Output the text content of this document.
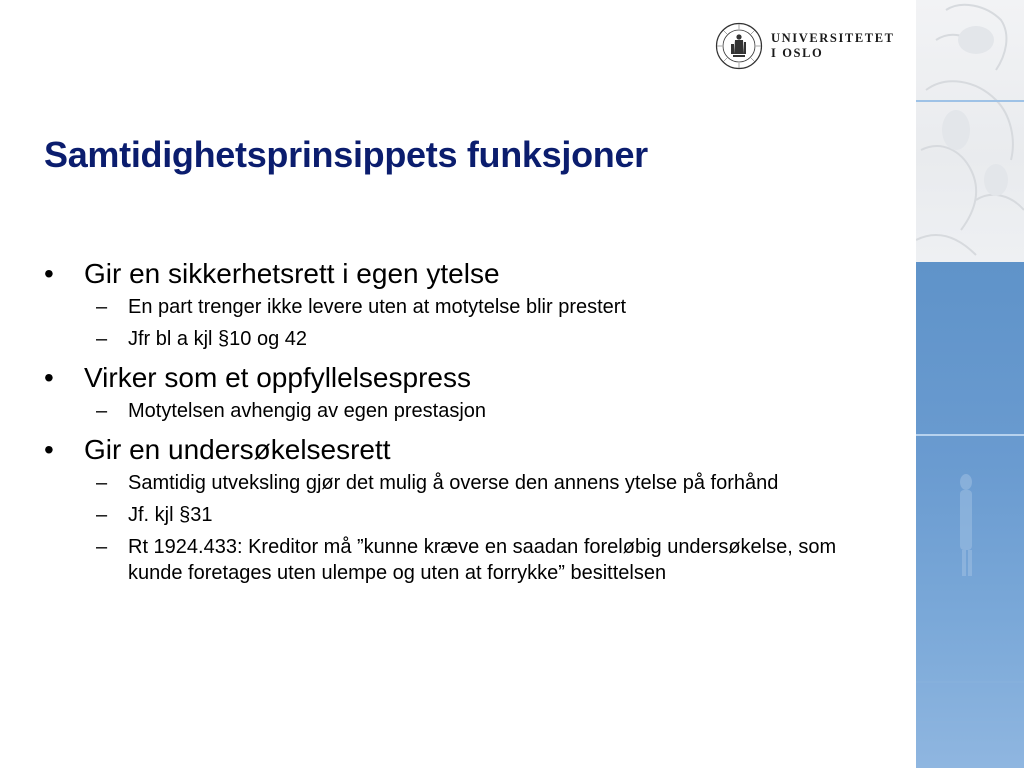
UNIVERSITETET
I OSLO
Samtidighetsprinsippets funksjoner
• Gir en sikkerhetsrett i egen ytelse
– En part trenger ikke levere uten at motytelse blir prestert
– Jfr bl a kjl §10 og 42
• Virker som et oppfyllelsespress
– Motytelsen avhengig av egen prestasjon
• Gir en undersøkelsesrett
– Samtidig utveksling gjør det mulig å overse den annens ytelse på forhånd
– Jf. kjl §31
– Rt 1924.433: Kreditor må ”kunne kræve en saadan foreløbig undersøkelse, som kunde foretages uten ulempe og uten at forrykke” besittelsen
